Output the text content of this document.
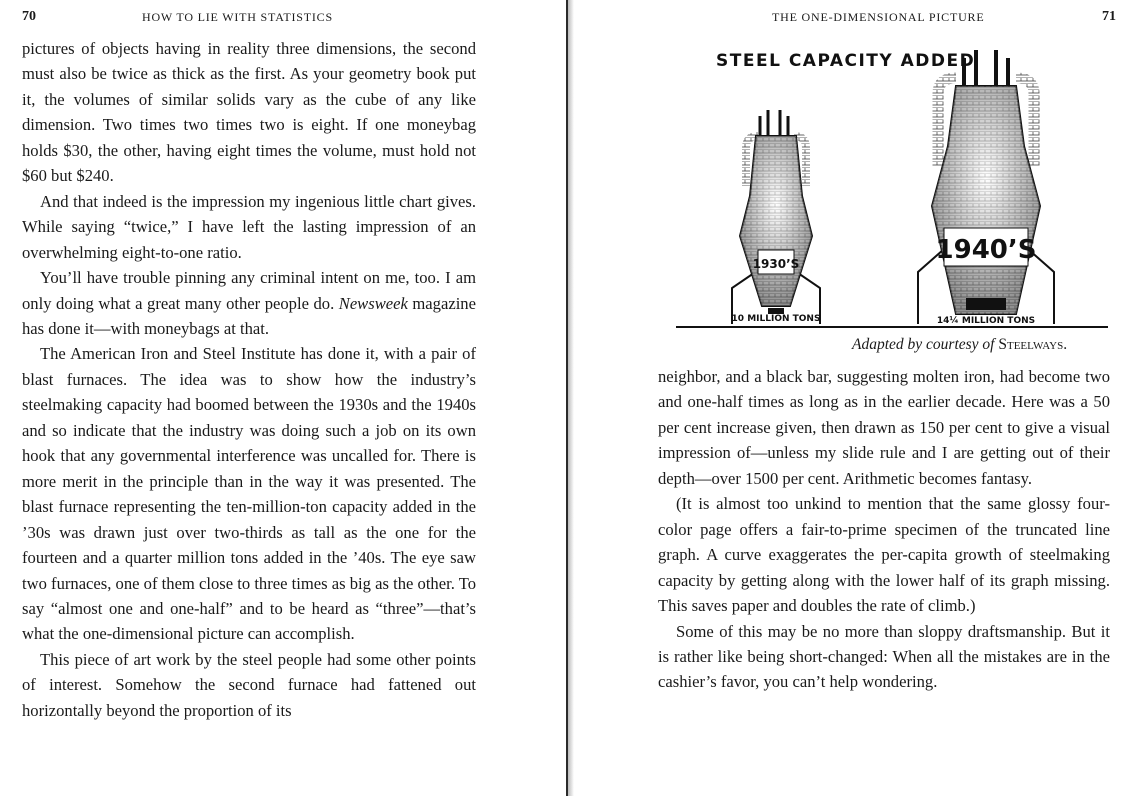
70	HOW TO LIE WITH STATISTICS

pictures of objects having in reality three dimensions, the second must also be twice as thick as the first. As your geometry book put it, the volumes of similar solids vary as the cube of any like dimension. Two times two times two is eight. If one moneybag holds $30, the other, having eight times the volume, must hold not $60 but $240.

And that indeed is the impression my ingenious little chart gives. While saying “twice,” I have left the lasting impression of an overwhelming eight-to-one ratio.

You’ll have trouble pinning any criminal intent on me, too. I am only doing what a great many other people do. Newsweek magazine has done it—with moneybags at that.

The American Iron and Steel Institute has done it, with a pair of blast furnaces. The idea was to show how the industry’s steelmaking capacity had boomed between the 1930s and the 1940s and so indicate that the industry was doing such a job on its own hook that any governmental interference was uncalled for. There is more merit in the principle than in the way it was presented. The blast furnace representing the ten-million-ton capacity added in the ’30s was drawn just over two-thirds as tall as the one for the fourteen and a quarter million tons added in the ’40s. The eye saw two furnaces, one of them close to three times as big as the other. To say “almost one and one-half” and to be heard as “three”—that’s what the one-dimensional picture can accomplish.

This piece of art work by the steel people had some other points of interest. Somehow the second furnace had fattened out horizontally beyond the proportion of its

THE ONE-DIMENSIONAL PICTURE	71
STEEL CAPACITY ADDED
1930’S
10 MILLION TONS
1940’S
14¼ MILLION TONS
Adapted by courtesy of Steelways.

neighbor, and a black bar, suggesting molten iron, had become two and one-half times as long as in the earlier decade. Here was a 50 per cent increase given, then drawn as 150 per cent to give a visual impression of—unless my slide rule and I are getting out of their depth—over 1500 per cent. Arithmetic becomes fantasy.

(It is almost too unkind to mention that the same glossy four-color page offers a fair-to-prime specimen of the truncated line graph. A curve exaggerates the per-capita growth of steelmaking capacity by getting along with the lower half of its graph missing. This saves paper and doubles the rate of climb.)

Some of this may be no more than sloppy draftsmanship. But it is rather like being short-changed: When all the mistakes are in the cashier’s favor, you can’t help wondering.
